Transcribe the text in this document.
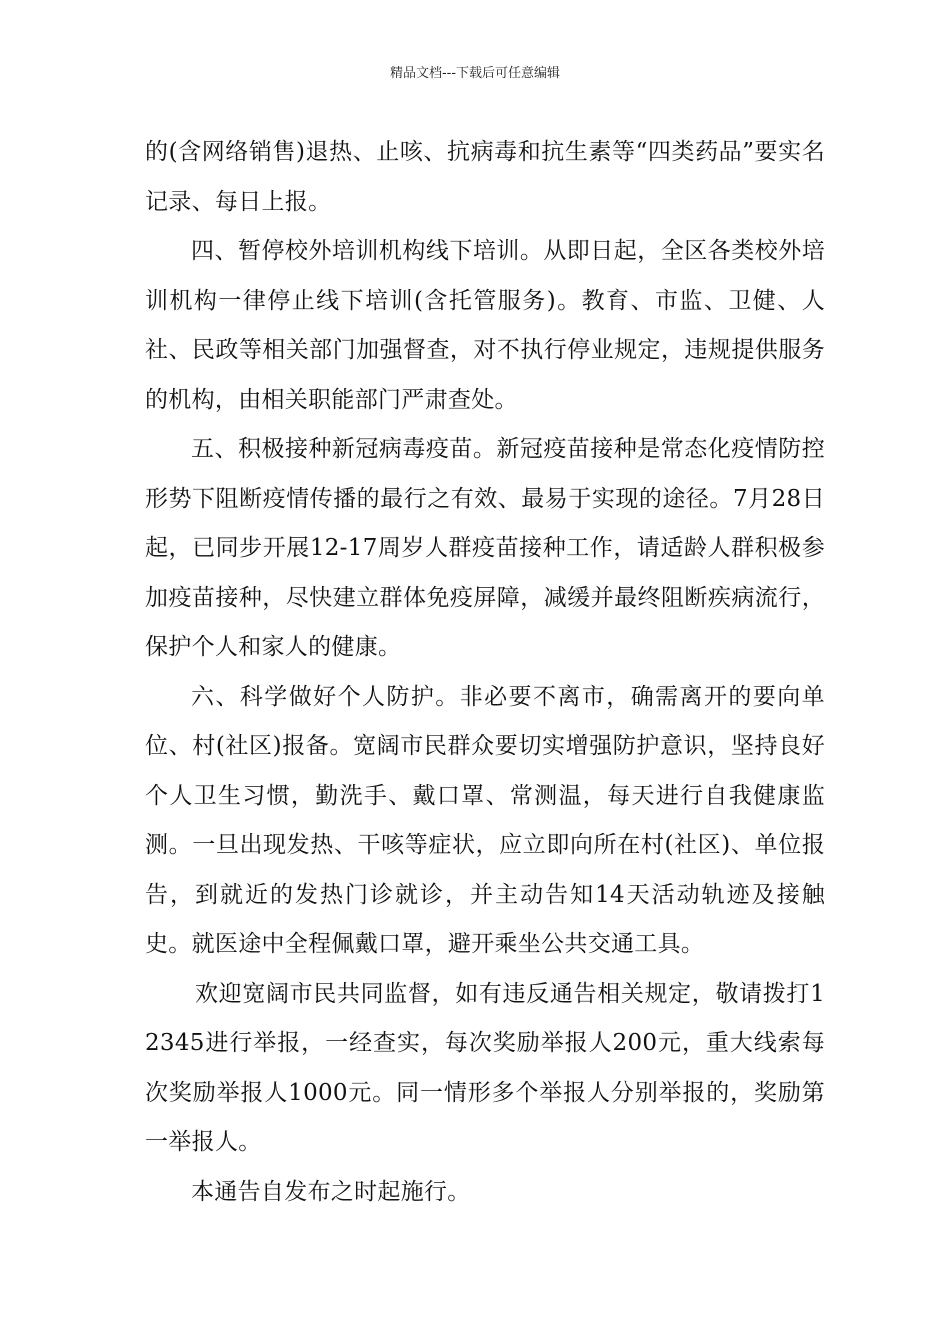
精品文档---下载后可任意编辑

的(含网络销售)退热、止咳、抗病毒和抗生素等“四类药品”要实名记录、每日上报。

四、暂停校外培训机构线下培训。从即日起，全区各类校外培训机构一律停止线下培训(含托管服务)。教育、市监、卫健、人社、民政等相关部门加强督查，对不执行停业规定，违规提供服务的机构，由相关职能部门严肃查处。

五、积极接种新冠病毒疫苗。新冠疫苗接种是常态化疫情防控形势下阻断疫情传播的最行之有效、最易于实现的途径。7月28日起，已同步开展12-17周岁人群疫苗接种工作，请适龄人群积极参加疫苗接种，尽快建立群体免疫屏障，减缓并最终阻断疾病流行，保护个人和家人的健康。

六、科学做好个人防护。非必要不离市，确需离开的要向单位、村(社区)报备。宽阔市民群众要切实增强防护意识，坚持良好个人卫生习惯，勤洗手、戴口罩、常测温，每天进行自我健康监测。一旦出现发热、干咳等症状，应立即向所在村(社区)、单位报告，到就近的发热门诊就诊，并主动告知14天活动轨迹及接触史。就医途中全程佩戴口罩，避开乘坐公共交通工具。

欢迎宽阔市民共同监督，如有违反通告相关规定，敬请拨打12345进行举报，一经查实，每次奖励举报人200元，重大线索每次奖励举报人1000元。同一情形多个举报人分别举报的，奖励第一举报人。

本通告自发布之时起施行。
